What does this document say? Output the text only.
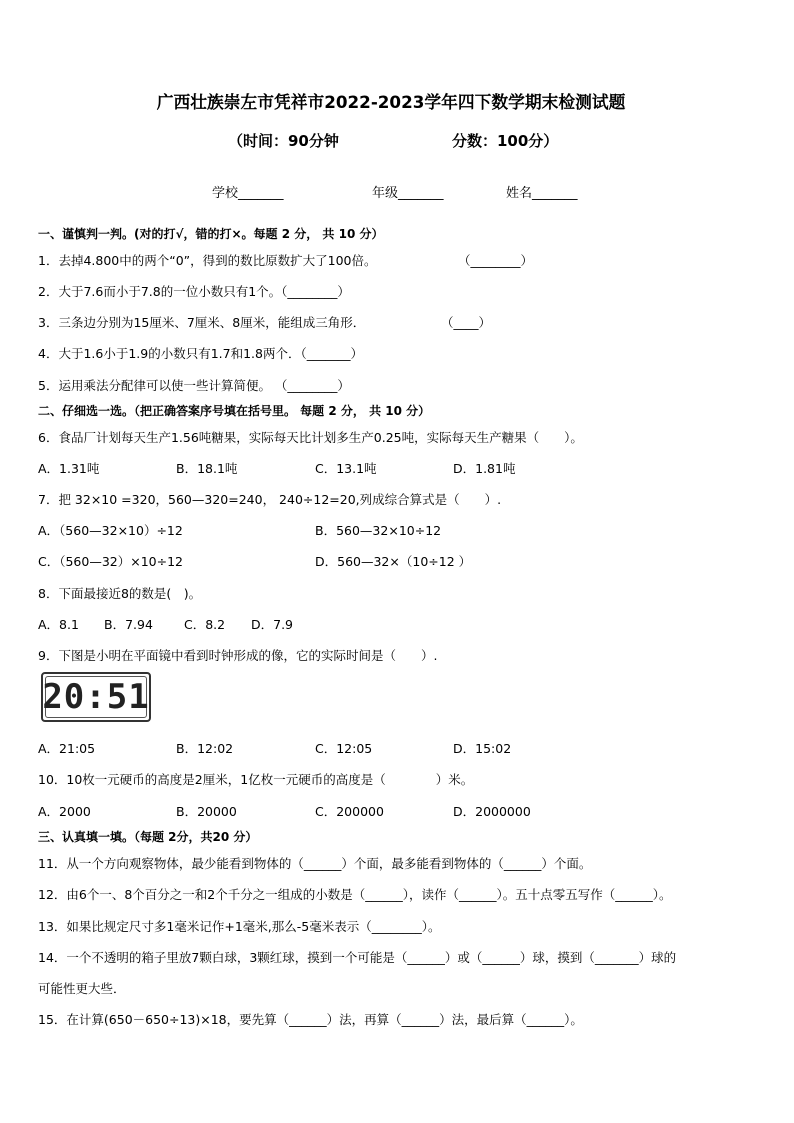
广西壮族崇左市凭祥市2022-2023学年四下数学期末检测试题
（时间：90分钟	分数：100分）
学校_______	年级_______	姓名_______
一、谨慎判一判。(对的打√，错的打×。每题 2 分， 共 10 分）
1．去掉4.800中的两个“0”，得到的数比原数扩大了100倍。	（________）
2．大于7.6而小于7.8的一位小数只有1个。（________）
3．三条边分别为15厘米、7厘米、8厘米，能组成三角形．	（____）
4．大于1.6小于1.9的小数只有1.7和1.8两个．（_______）
5．运用乘法分配律可以使一些计算简便。 （________）
二、仔细选一选。（把正确答案序号填在括号里。 每题 2 分， 共 10 分）
6．食品厂计划每天生产1.56吨糖果，实际每天比计划多生产0.25吨，实际每天生产糖果（　　）。
A．1.31吨	B．18.1吨	C．13.1吨	D．1.81吨
7．把 32×10 =320，560—320=240， 240÷12=20,列成综合算式是（　　）.
A．（560—32×10）÷12	B．560—32×10÷12
C．（560—32）×10÷12	D．560—32×（10÷12 ）
8．下面最接近8的数是(　)。
A．8.1 B．7.94 C．8.2 D．7.9
9．下图是小明在平面镜中看到时钟形成的像，它的实际时间是（　　）.
20:51
A．21:05	B．12:02	C．12:05	D．15:02
10．10枚一元硬币的高度是2厘米，1亿枚一元硬币的高度是（　　　　）米。
A．2000	B．20000	C．200000	D．2000000
三、认真填一填。（每题 2分，共20 分）
11．从一个方向观察物体，最少能看到物体的（______）个面，最多能看到物体的（______）个面。
12．由6个一、8个百分之一和2个千分之一组成的小数是（______），读作（______）。五十点零五写作（______）。
13．如果比规定尺寸多1毫米记作+1毫米,那么-5毫米表示（________）。
14．一个不透明的箱子里放7颗白球，3颗红球，摸到一个可能是（______）或（______）球，摸到（_______）球的
可能性更大些．
15．在计算(650－650÷13)×18，要先算（______）法，再算（______）法，最后算（______）。
